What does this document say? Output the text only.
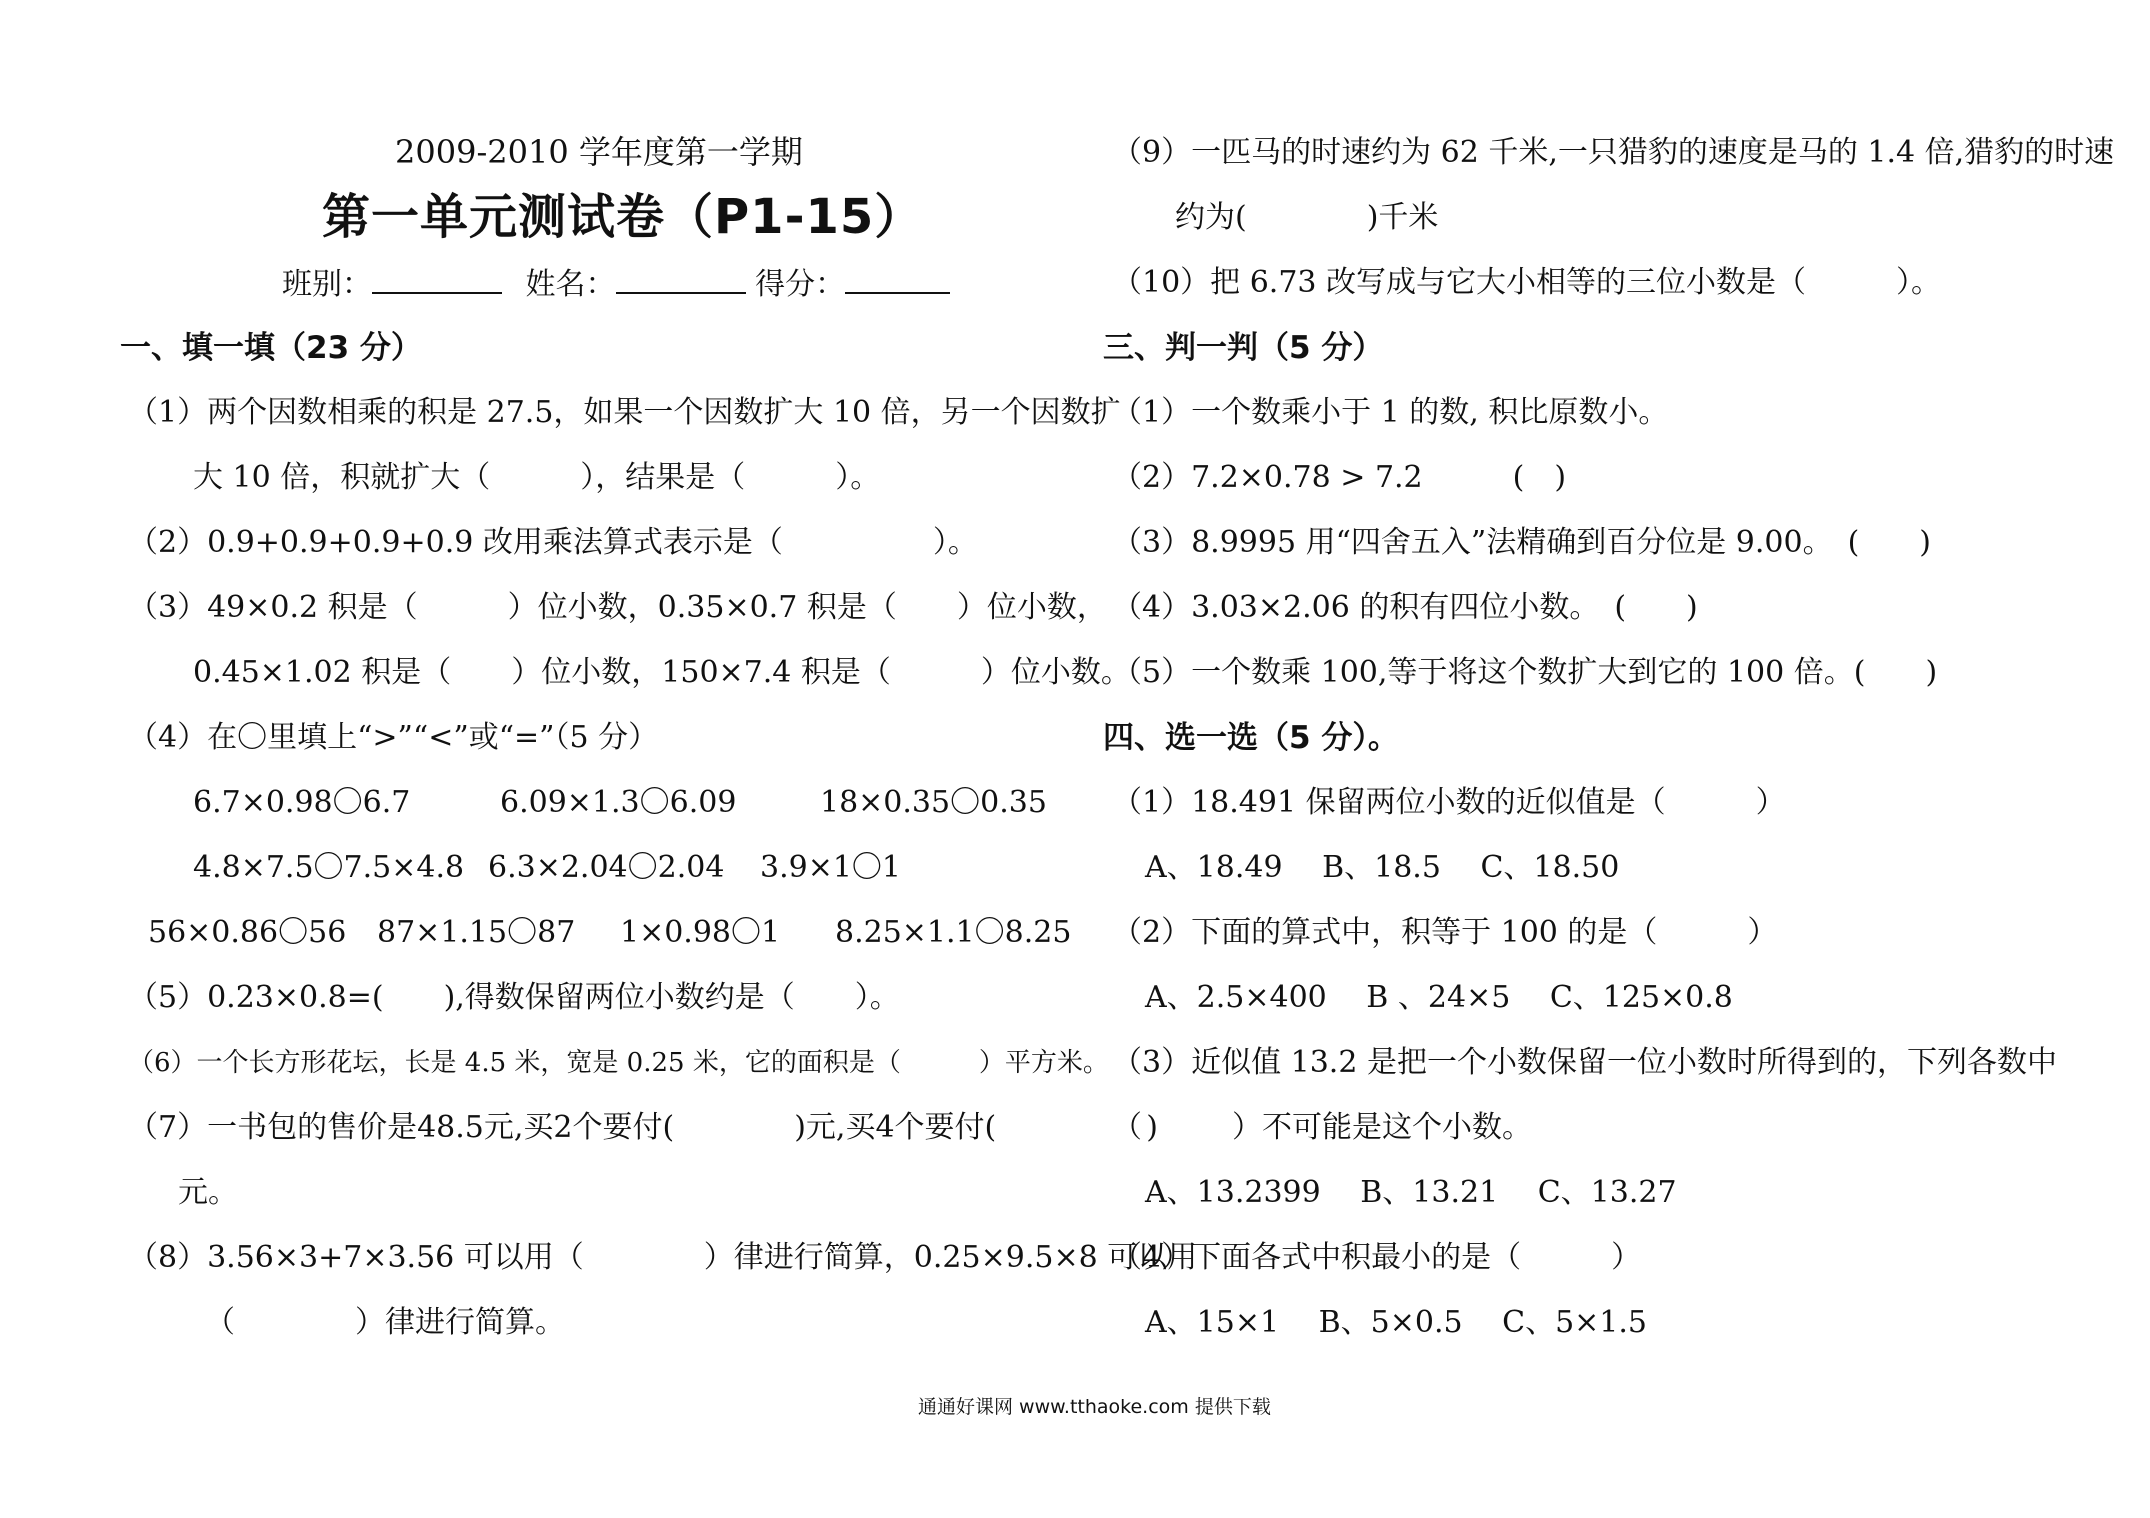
2009-2010 学年度第一学期
第一单元测试卷（P1-15）
班别：	姓名：	得分：
一、填一填（23 分）
（1）两个因数相乘的积是 27.5，如果一个因数扩大 10 倍，另一个因数扩
大 10 倍，积就扩大（　　　），结果是（　　　）。
（2）0.9+0.9+0.9+0.9 改用乘法算式表示是（　　　　　）。
（3）49×0.2 积是（　　　）位小数，0.35×0.7 积是（　　）位小数，
0.45×1.02 积是（　　）位小数，150×7.4 积是（　　　）位小数。
（4）在〇里填上“>”“<”或“=”（5 分）
6.7×0.98〇6.7	6.09×1.3〇6.09	18×0.35〇0.35
4.8×7.5〇7.5×4.8 6.3×2.04〇2.04 3.9×1〇1
56×0.86〇56 87×1.15〇87 1×0.98〇1 8.25×1.1〇8.25
（5）0.23×0.8=(　　),得数保留两位小数约是（　　）。
（6）一个长方形花坛，长是 4.5 米，宽是 0.25 米，它的面积是（　　　）平方米。
（7）一书包的售价是48.5元,买2个要付(　　　　)元,买4个要付(　　　　　)
元。
（8）3.56×3+7×3.56 可以用（　　　　）律进行简算，0.25×9.5×8 可以用
（　　　　）律进行简算。
（9）一匹马的时速约为 62 千米,一只猎豹的速度是马的 1.4 倍,猎豹的时速
约为(　　　　)千米
（10）把 6.73 改写成与它大小相等的三位小数是（　　　）。
三、判一判（5 分）
（1）一个数乘小于 1 的数, 积比原数小。
（2）7.2×0.78 > 7.2　　　(　)
（3）8.9995 用“四舍五入”法精确到百分位是 9.00。　(　　)
（4）3.03×2.06 的积有四位小数。　(　　)
（5）一个数乘 100,等于将这个数扩大到它的 100 倍。(　　)
四、选一选（5 分）。
（1）18.491 保留两位小数的近似值是（　　　）
A、18.49　 B、18.5　 C、18.50
（2）下面的算式中，积等于 100 的是（　　　）
A、2.5×400　 B 、24×5　 C、125×0.8
（3）近似值 13.2 是把一个小数保留一位小数时所得到的，下列各数中
（　　　）不可能是这个小数。
A、13.2399　 B、13.21　 C、13.27
（4）下面各式中积最小的是（　　　）
A、15×1　 B、5×0.5　 C、5×1.5
通通好课网 www.tthaoke.com 提供下载
